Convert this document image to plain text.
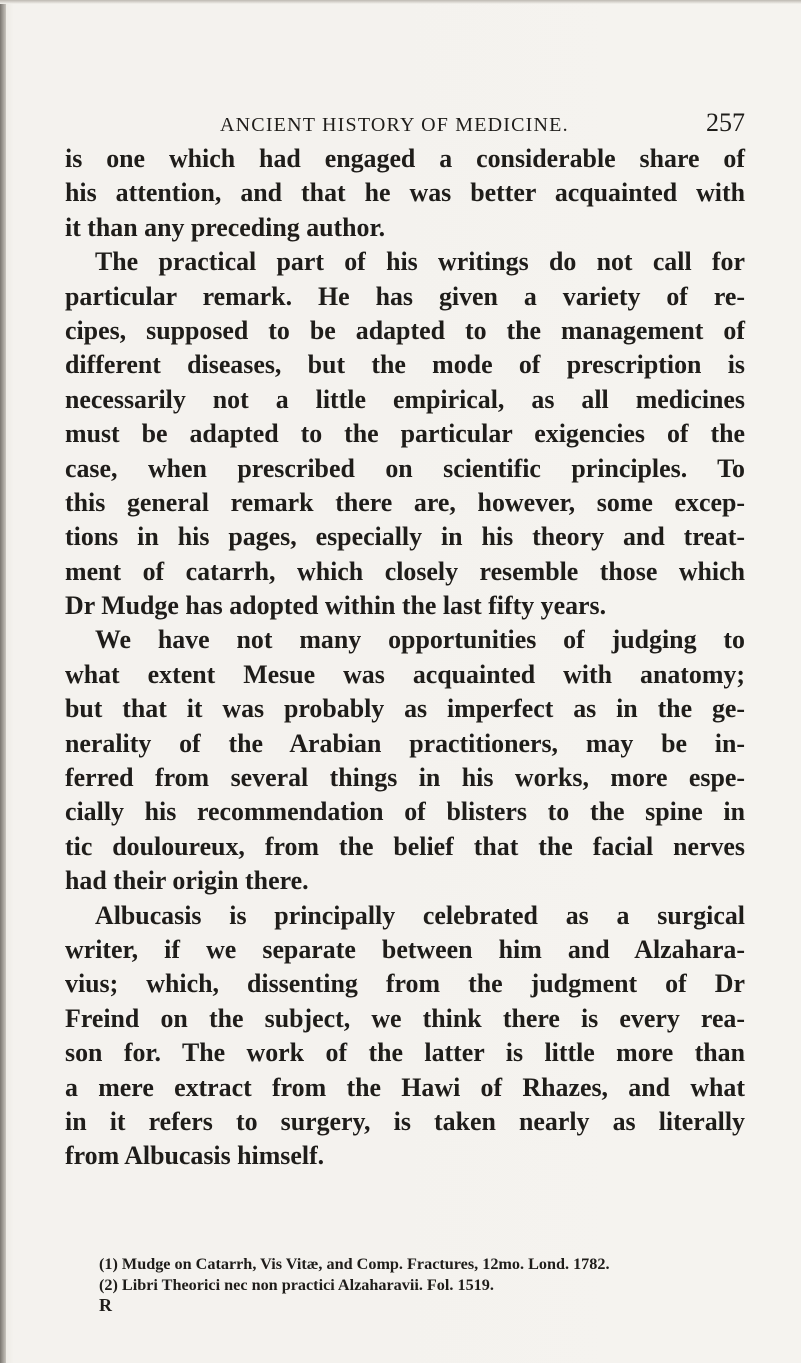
ANCIENT HISTORY OF MEDICINE.	257
is one which had engaged a considerable share of
his attention, and that he was better acquainted with
it than any preceding author.
The practical part of his writings do not call for
particular remark. He has given a variety of re-
cipes, supposed to be adapted to the management of
different diseases, but the mode of prescription is
necessarily not a little empirical, as all medicines
must be adapted to the particular exigencies of the
case, when prescribed on scientific principles. To
this general remark there are, however, some excep-
tions in his pages, especially in his theory and treat-
ment of catarrh, which closely resemble those which
Dr Mudge has adopted within the last fifty years.
We have not many opportunities of judging to
what extent Mesue was acquainted with anatomy;
but that it was probably as imperfect as in the ge-
nerality of the Arabian practitioners, may be in-
ferred from several things in his works, more espe-
cially his recommendation of blisters to the spine in
tic douloureux, from the belief that the facial nerves
had their origin there.
Albucasis is principally celebrated as a surgical
writer, if we separate between him and Alzahara-
vius; which, dissenting from the judgment of Dr
Freind on the subject, we think there is every rea-
son for. The work of the latter is little more than
a mere extract from the Hawi of Rhazes, and what
in it refers to surgery, is taken nearly as literally
from Albucasis himself.
(1) Mudge on Catarrh, Vis Vitæ, and Comp. Fractures, 12mo. Lond. 1782.
(2) Libri Theorici nec non practici Alzaharavii. Fol. 1519.
R
